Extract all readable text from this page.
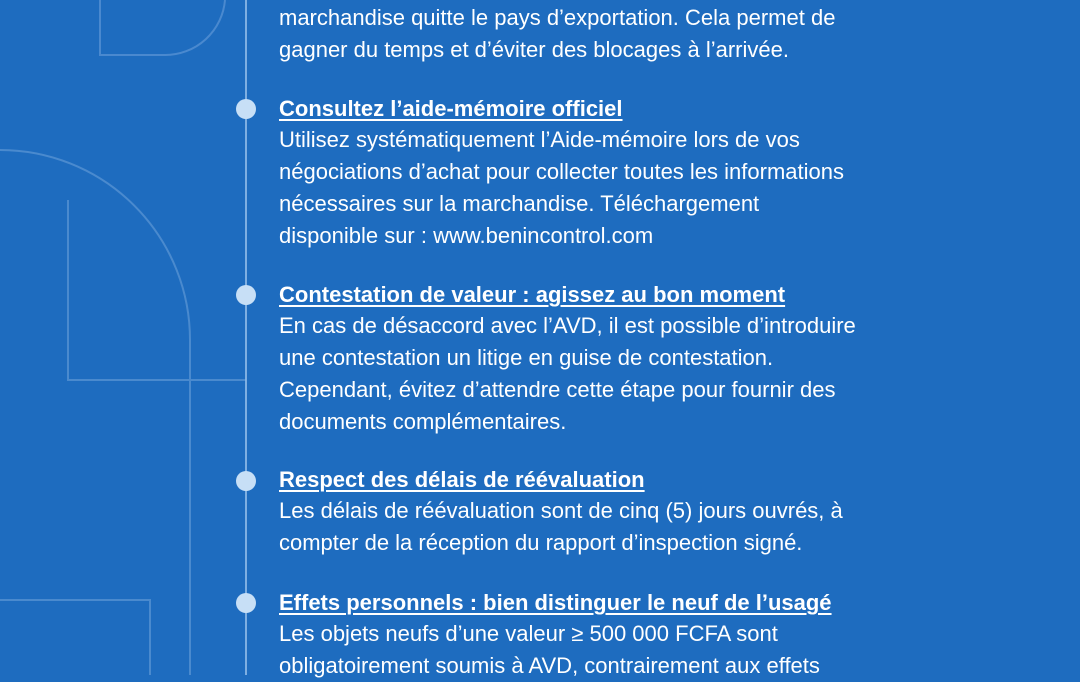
marchandise quitte le pays d’exportation. Cela permet de
gagner du temps et d’éviter des blocages à l’arrivée.
Consultez l’aide-mémoire officiel
Utilisez systématiquement l’Aide-mémoire lors de vos
négociations d’achat pour collecter toutes les informations
nécessaires sur la marchandise. Téléchargement
disponible sur : www.benincontrol.com
Contestation de valeur : agissez au bon moment
En cas de désaccord avec l’AVD, il est possible d’introduire
une contestation un litige en guise de contestation.
Cependant, évitez d’attendre cette étape pour fournir des
documents complémentaires.
Respect des délais de réévaluation
Les délais de réévaluation sont de cinq (5) jours ouvrés, à
compter de la réception du rapport d’inspection signé.
Effets personnels : bien distinguer le neuf de l’usagé
Les objets neufs d’une valeur ≥ 500 000 FCFA sont
obligatoirement soumis à AVD, contrairement aux effets
